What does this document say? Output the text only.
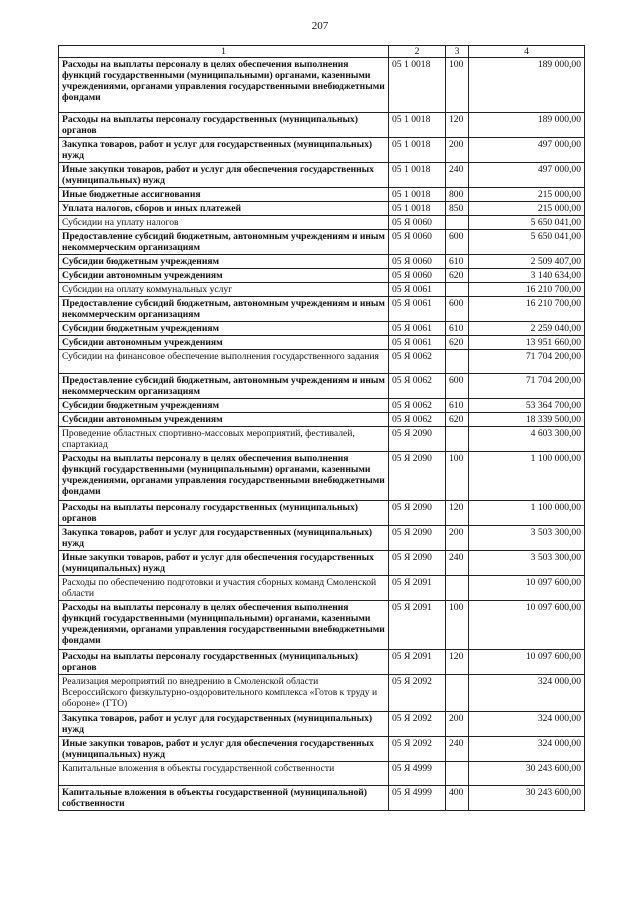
207
1	2	3	4
Расходы на выплаты персоналу в целях обеспечения выполнения функций государственными (муниципальными) органами, казенными учреждениями, органами управления государственными внебюджетными фондами	05 1 0018	100	189 000,00
Расходы на выплаты персоналу государственных (муниципальных) органов	05 1 0018	120	189 000,00
Закупка товаров, работ и услуг для государственных (муниципальных) нужд	05 1 0018	200	497 000,00
Иные закупки товаров, работ и услуг для обеспечения государственных (муниципальных) нужд	05 1 0018	240	497 000,00
Иные бюджетные ассигнования	05 1 0018	800	215 000,00
Уплата налогов, сборов и иных платежей	05 1 0018	850	215 000,00
Субсидии на уплату налогов	05 Я 0060		5 650 041,00
Предоставление субсидий бюджетным, автономным учреждениям и иным некоммерческим организациям	05 Я 0060	600	5 650 041,00
Субсидии бюджетным учреждениям	05 Я 0060	610	2 509 407,00
Субсидии автономным учреждениям	05 Я 0060	620	3 140 634,00
Субсидии на оплату коммунальных услуг	05 Я 0061		16 210 700,00
Предоставление субсидий бюджетным, автономным учреждениям и иным некоммерческим организациям	05 Я 0061	600	16 210 700,00
Субсидии бюджетным учреждениям	05 Я 0061	610	2 259 040,00
Субсидии автономным учреждениям	05 Я 0061	620	13 951 660,00
Субсидии на финансовое обеспечение выполнения государственного задания	05 Я 0062		71 704 200,00
Предоставление субсидий бюджетным, автономным учреждениям и иным некоммерческим организациям	05 Я 0062	600	71 704 200,00
Субсидии бюджетным учреждениям	05 Я 0062	610	53 364 700,00
Субсидии автономным учреждениям	05 Я 0062	620	18 339 500,00
Проведение областных спортивно-массовых мероприятий, фестивалей, спартакиад	05 Я 2090		4 603 300,00
Расходы на выплаты персоналу в целях обеспечения выполнения функций государственными (муниципальными) органами, казенными учреждениями, органами управления государственными внебюджетными фондами	05 Я 2090	100	1 100 000,00
Расходы на выплаты персоналу государственных (муниципальных) органов	05 Я 2090	120	1 100 000,00
Закупка товаров, работ и услуг для государственных (муниципальных) нужд	05 Я 2090	200	3 503 300,00
Иные закупки товаров, работ и услуг для обеспечения государственных (муниципальных) нужд	05 Я 2090	240	3 503 300,00
Расходы по обеспечению подготовки и участия сборных команд Смоленской области	05 Я 2091		10 097 600,00
Расходы на выплаты персоналу в целях обеспечения выполнения функций государственными (муниципальными) органами, казенными учреждениями, органами управления государственными внебюджетными фондами	05 Я 2091	100	10 097 600,00
Расходы на выплаты персоналу государственных (муниципальных) органов	05 Я 2091	120	10 097 600,00
Реализация мероприятий по внедрению в Смоленской области Всероссийского физкультурно-оздоровительного комплекса «Готов к труду и обороне» (ГТО)	05 Я 2092		324 000,00
Закупка товаров, работ и услуг для государственных (муниципальных) нужд	05 Я 2092	200	324 000,00
Иные закупки товаров, работ и услуг для обеспечения государственных (муниципальных) нужд	05 Я 2092	240	324 000,00
Капитальные вложения в объекты государственной собственности	05 Я 4999		30 243 600,00
Капитальные вложения в объекты государственной (муниципальной) собственности	05 Я 4999	400	30 243 600,00
